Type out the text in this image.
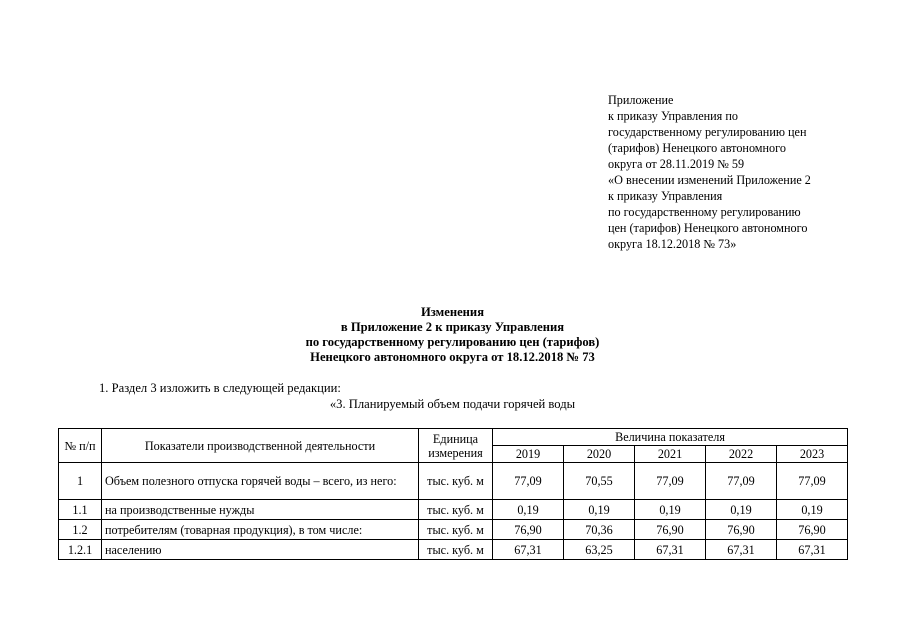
Приложение
к приказу Управления по
государственному регулированию цен
(тарифов) Ненецкого автономного
округа от 28.11.2019 № 59
«О внесении изменений Приложение 2
к приказу Управления
по государственному регулированию
цен (тарифов) Ненецкого автономного
округа 18.12.2018 № 73»
Изменения
в Приложение 2 к приказу Управления
по государственному регулированию цен (тарифов)
Ненецкого автономного округа от 18.12.2018 № 73
1. Раздел 3 изложить в следующей редакции:
«3. Планируемый объем подачи горячей воды
№ п/п	Показатели производственной деятельности	Единица измерения	Величина показателя				
			2019	2020	2021	2022	2023
1	Объем полезного отпуска горячей воды – всего, из него:	тыс. куб. м	77,09	70,55	77,09	77,09	77,09
1.1	на производственные нужды	тыс. куб. м	0,19	0,19	0,19	0,19	0,19
1.2	потребителям (товарная продукция), в том числе:	тыс. куб. м	76,90	70,36	76,90	76,90	76,90
1.2.1	населению	тыс. куб. м	67,31	63,25	67,31	67,31	67,31
